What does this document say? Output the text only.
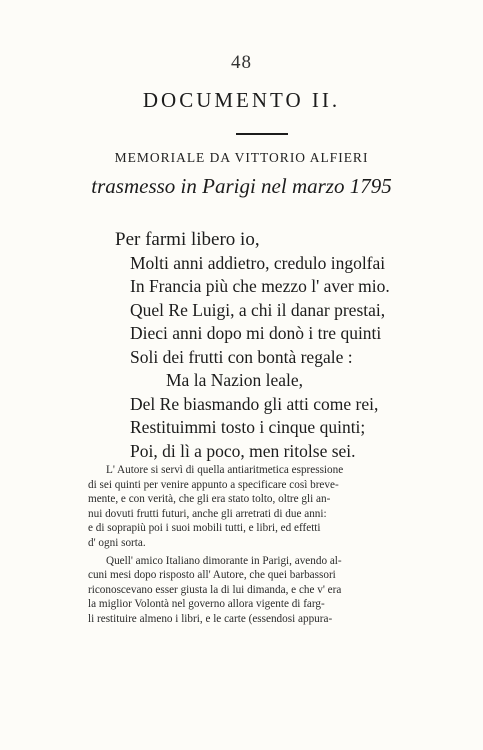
48
DOCUMENTO II.
MEMORIALE DA VITTORIO ALFIERI
trasmesso in Parigi nel marzo 1795
Per farmi libero io,
Molti anni addietro, credulo ingolfai
In Francia più che mezzo l' aver mio.
Quel Re Luigi, a chi il danar prestai,
Dieci anni dopo mi donò i tre quinti
Soli dei frutti con bontà regale :
Ma la Nazion leale,
Del Re biasmando gli atti come rei,
Restituimmi tosto i cinque quinti;
Poi, di lì a poco, men ritolse sei.
L' Autore si servì di quella antiaritmetica espressione
di sei quinti per venire appunto a specificare così breve-
mente, e con verità, che gli era stato tolto, oltre gli an-
nui dovuti frutti futuri, anche gli arretrati di due anni:
e di soprapiù poi i suoi mobili tutti, e libri, ed effetti
d' ogni sorta.
Quell' amico Italiano dimorante in Parigi, avendo al-
cuni mesi dopo risposto all' Autore, che quei barbassori
riconoscevano esser giusta la di lui dimanda, e che v' era
la miglior Volontà nel governo allora vigente di farg-
li restituire almeno i libri, e le carte (essendosi appura-
